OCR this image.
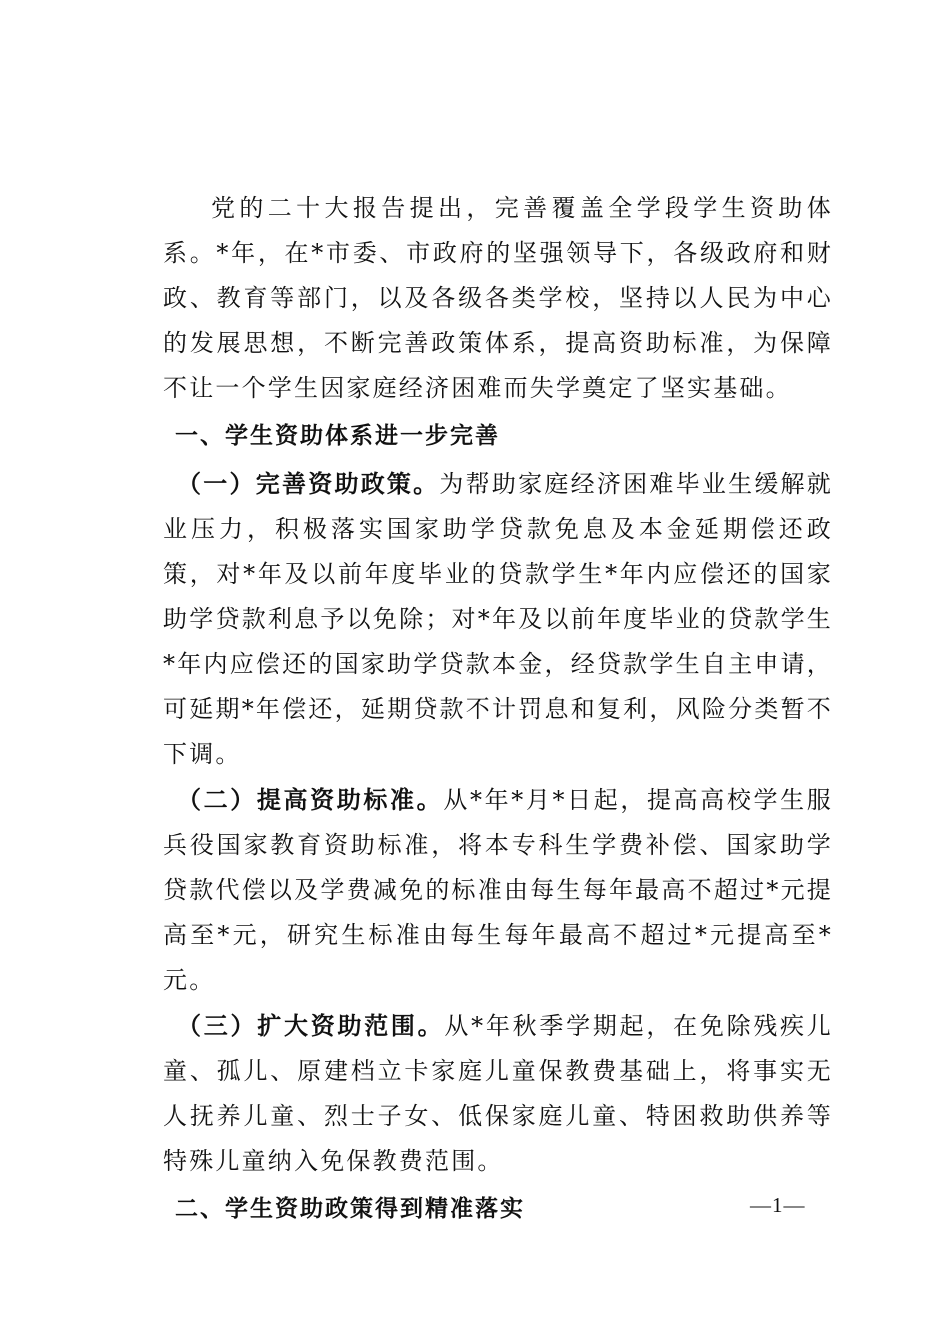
党的二十大报告提出，完善覆盖全学段学生资助体系。*年，在*市委、市政府的坚强领导下，各级政府和财政、教育等部门，以及各级各类学校，坚持以人民为中心的发展思想，不断完善政策体系，提高资助标准，为保障不让一个学生因家庭经济困难而失学奠定了坚实基础。

一、学生资助体系进一步完善

（一）完善资助政策。为帮助家庭经济困难毕业生缓解就业压力，积极落实国家助学贷款免息及本金延期偿还政策，对*年及以前年度毕业的贷款学生*年内应偿还的国家助学贷款利息予以免除；对*年及以前年度毕业的贷款学生*年内应偿还的国家助学贷款本金，经贷款学生自主申请，可延期*年偿还，延期贷款不计罚息和复利，风险分类暂不下调。

（二）提高资助标准。从*年*月*日起，提高高校学生服兵役国家教育资助标准，将本专科生学费补偿、国家助学贷款代偿以及学费减免的标准由每生每年最高不超过*元提高至*元，研究生标准由每生每年最高不超过*元提高至*元。

（三）扩大资助范围。从*年秋季学期起，在免除残疾儿童、孤儿、原建档立卡家庭儿童保教费基础上，将事实无人抚养儿童、烈士子女、低保家庭儿童、特困救助供养等特殊儿童纳入免保教费范围。

二、学生资助政策得到精准落实	—1—
